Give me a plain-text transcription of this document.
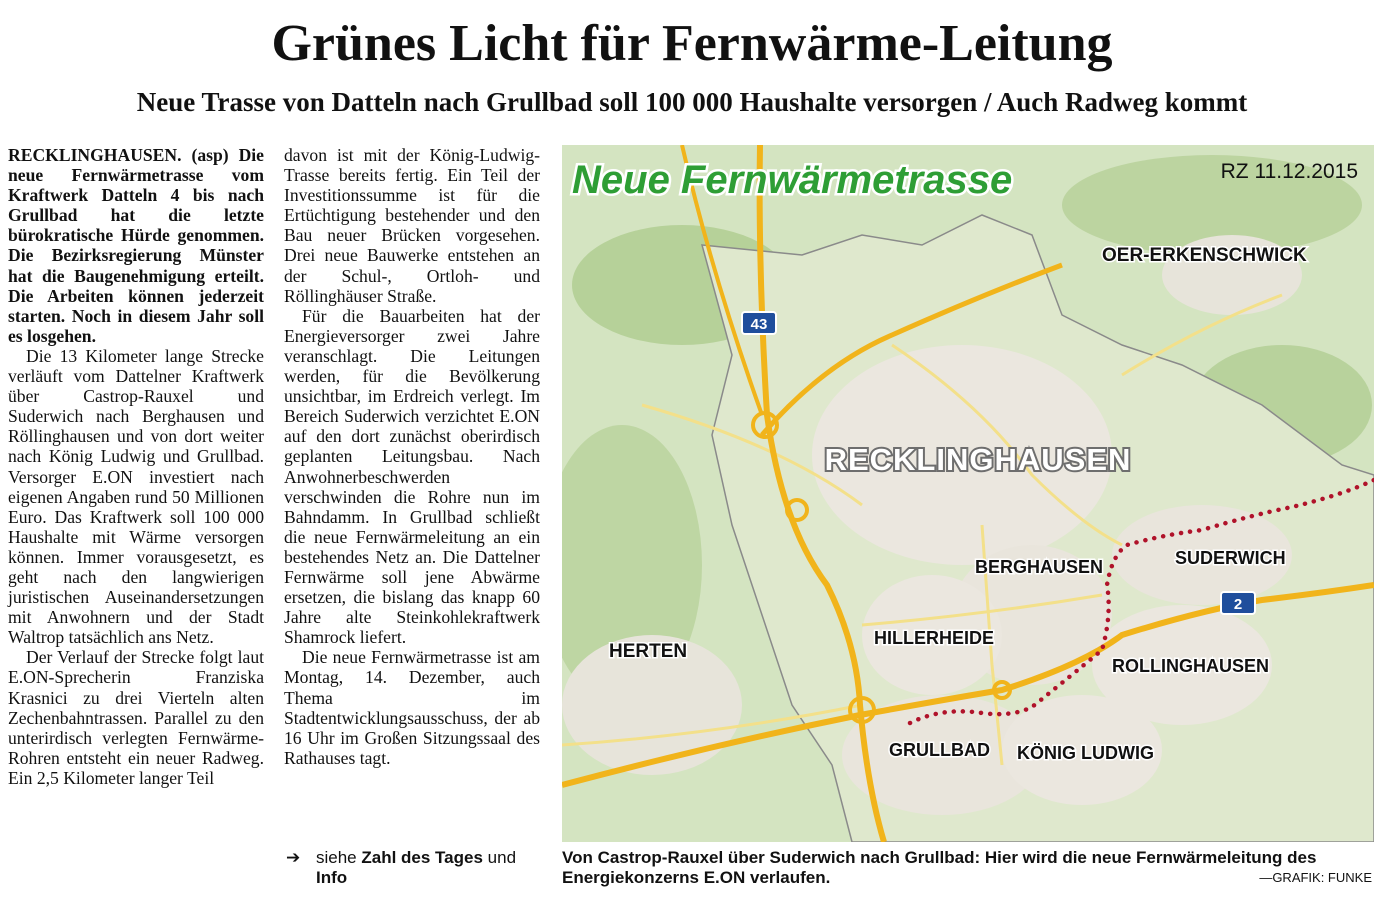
Grünes Licht für Fernwärme-Leitung
Neue Trasse von Datteln nach Grullbad soll 100 000 Haushalte versorgen / Auch Radweg kommt

RECKLINGHAUSEN. (asp) Die neue Fernwärmetrasse vom Kraftwerk Datteln 4 bis nach Grullbad hat die letzte bürokratische Hürde genommen. Die Bezirksregierung Münster hat die Baugenehmigung erteilt. Die Arbeiten können jederzeit starten. Noch in diesem Jahr soll es losgehen.

Die 13 Kilometer lange Strecke verläuft vom Dattelner Kraftwerk über Castrop-Rauxel und Suderwich nach Berghausen und Röllinghausen und von dort weiter nach König Ludwig und Grullbad. Versorger E.ON investiert nach eigenen Angaben rund 50 Millionen Euro. Das Kraftwerk soll 100 000 Haushalte mit Wärme versorgen können. Immer vorausgesetzt, es geht nach den langwierigen juristischen Auseinandersetzungen mit Anwohnern und der Stadt Waltrop tatsächlich ans Netz.

Der Verlauf der Strecke folgt laut E.ON-Sprecherin Franziska Krasnici zu drei Vierteln alten Zechenbahntrassen. Parallel zu den unterirdisch verlegten Fernwärme-Rohren entsteht ein neuer Radweg. Ein 2,5 Kilometer langer Teil

davon ist mit der König-Ludwig-Trasse bereits fertig. Ein Teil der Investitionssumme ist für die Ertüchtigung bestehender und den Bau neuer Brücken vorgesehen. Drei neue Bauwerke entstehen an der Schul-, Ortloh- und Röllinghäuser Straße.

Für die Bauarbeiten hat der Energieversorger zwei Jahre veranschlagt. Die Leitungen werden, für die Bevölkerung unsichtbar, im Erdreich verlegt. Im Bereich Suderwich verzichtet E.ON auf den dort zunächst oberirdisch geplanten Leitungsbau. Nach Anwohnerbeschwerden verschwinden die Rohre nun im Bahndamm. In Grullbad schließt die neue Fernwärmeleitung an ein bestehendes Netz an. Die Dattelner Fernwärme soll jene Abwärme ersetzen, die bislang das knapp 60 Jahre alte Steinkohlekraftwerk Shamrock liefert.

Die neue Fernwärmetrasse ist am Montag, 14. Dezember, auch Thema im Stadtentwicklungsausschuss, der ab 16 Uhr im Großen Sitzungssaal des Rathauses tagt.

➔ siehe Zahl des Tages und
Info
43
2
Neue Fernwärmetrasse	RZ 11.12.2015
RECKLINGHAUSEN
OER-ERKENSCHWICK
HERTEN
BERGHAUSEN	SUDERWICH
HILLERHEIDE
ROLLINGHAUSEN
GRULLBAD KÖNIG LUDWIG
Von Castrop-Rauxel über Suderwich nach Grullbad: Hier wird die neue Fernwärmeleitung des Energiekonzerns E.ON verlaufen.	—GRAFIK: FUNKE
